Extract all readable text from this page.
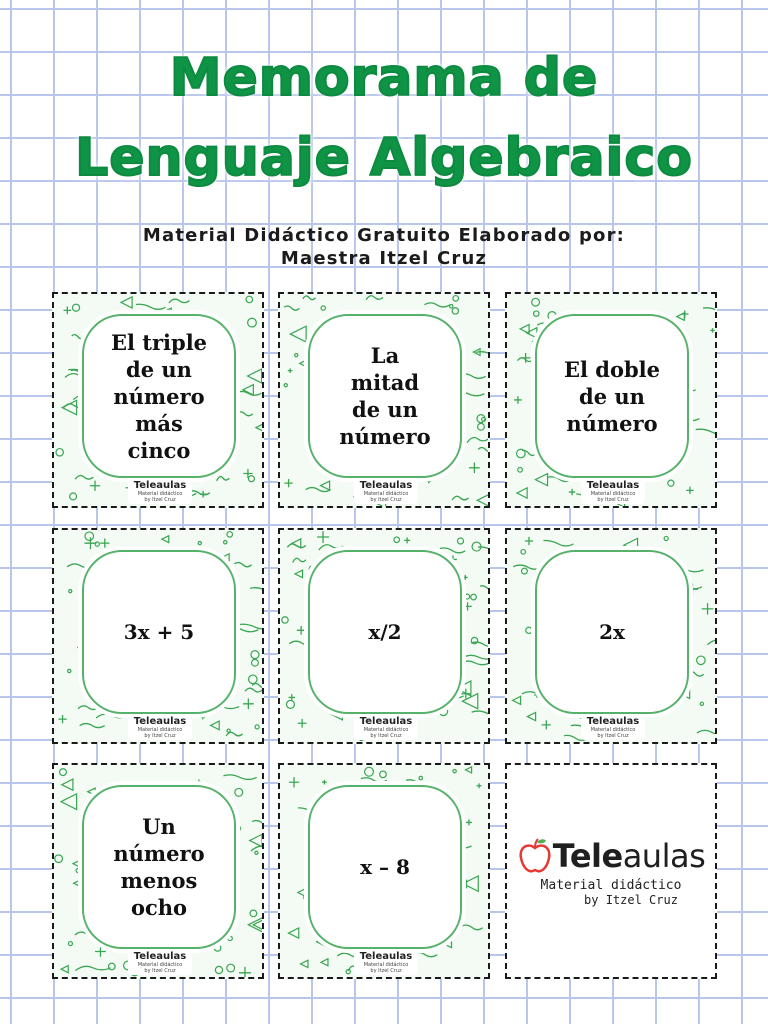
Memorama de
Lenguaje Algebraico
Material Didáctico Gratuito Elaborado por:
Maestra Itzel Cruz
El triple
de un
número
más
cinco
Teleaulas
Material didáctico
by Itzel Cruz
La
mitad
de un
número
Teleaulas
Material didáctico
by Itzel Cruz
El doble
de un
número
Teleaulas
Material didáctico
by Itzel Cruz
3x + 5
Teleaulas
Material didáctico
by Itzel Cruz
x/2
Teleaulas
Material didáctico
by Itzel Cruz
2x
Teleaulas
Material didáctico
by Itzel Cruz
Un
número
menos
ocho
Teleaulas
Material didáctico
by Itzel Cruz
x – 8
Teleaulas
Material didáctico
by Itzel Cruz
Teleaulas
Material didáctico
by Itzel Cruz
